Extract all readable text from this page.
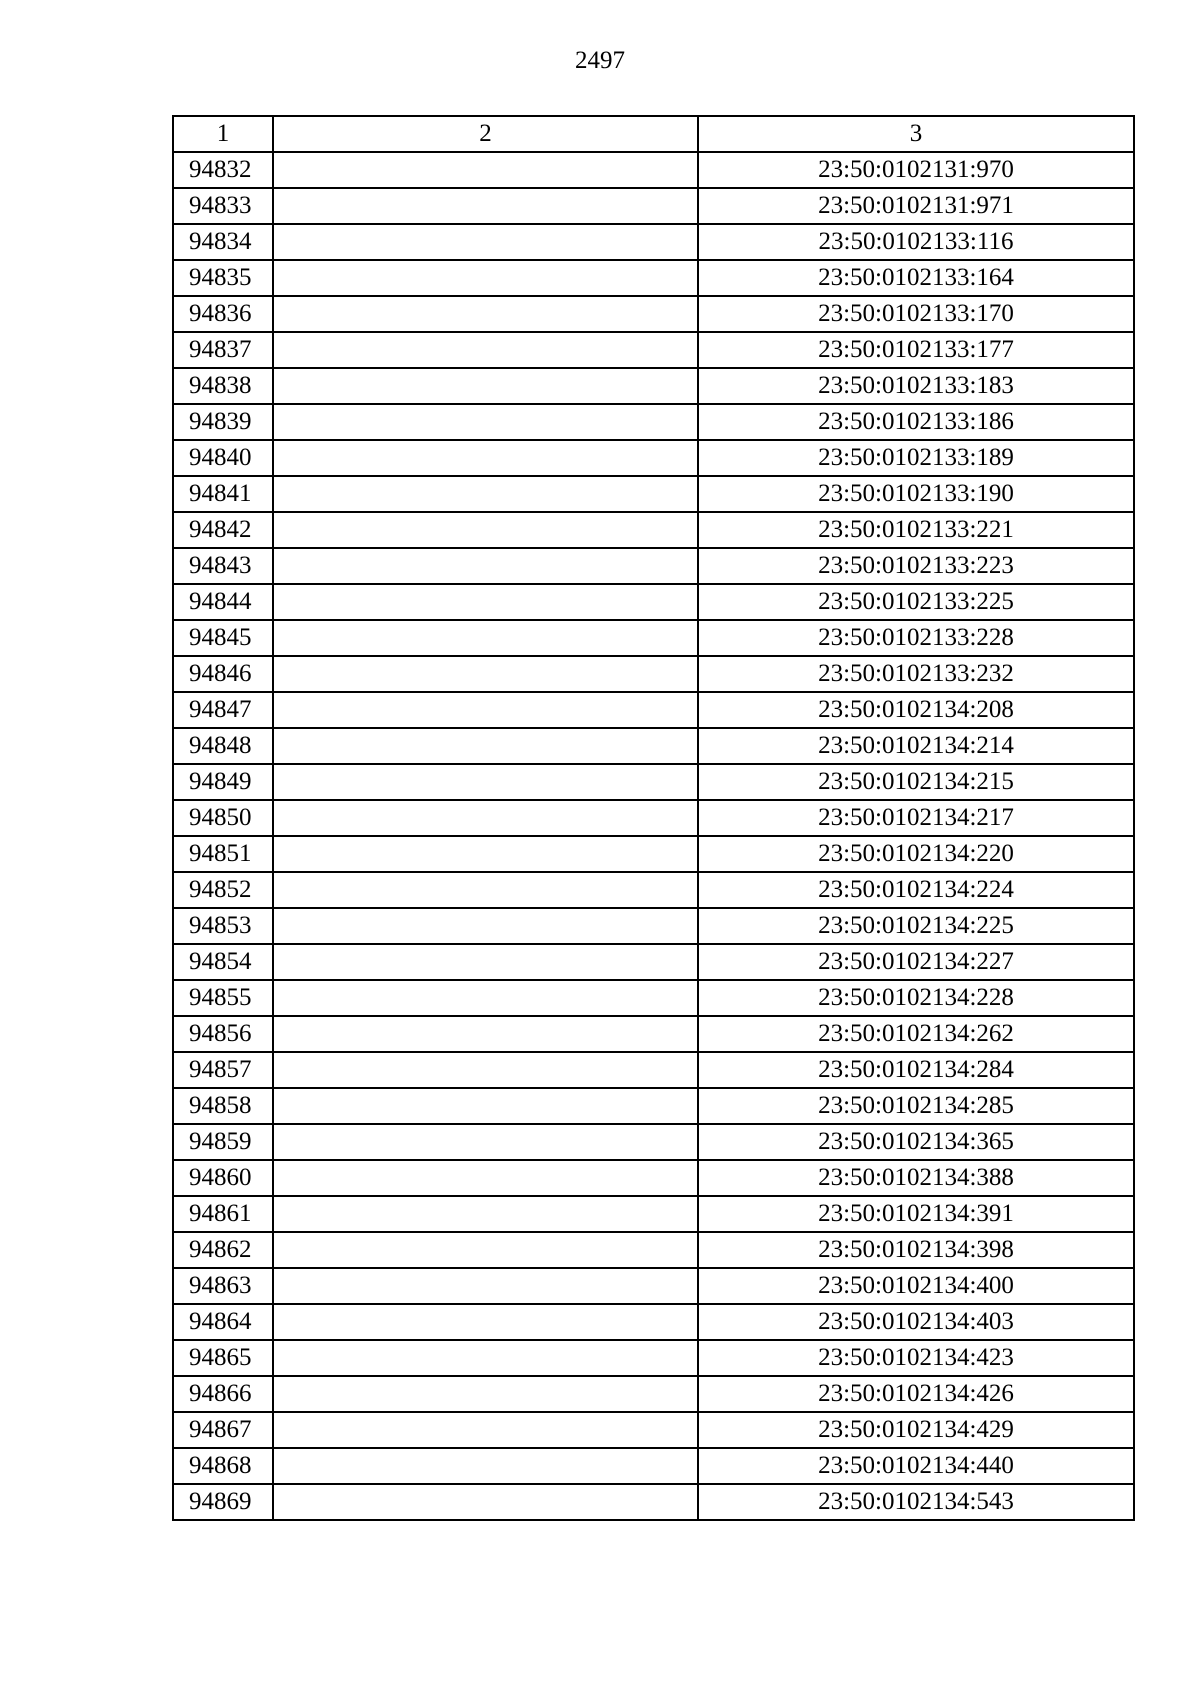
2497
1	2	3
94832		23:50:0102131:970
94833		23:50:0102131:971
94834		23:50:0102133:116
94835		23:50:0102133:164
94836		23:50:0102133:170
94837		23:50:0102133:177
94838		23:50:0102133:183
94839		23:50:0102133:186
94840		23:50:0102133:189
94841		23:50:0102133:190
94842		23:50:0102133:221
94843		23:50:0102133:223
94844		23:50:0102133:225
94845		23:50:0102133:228
94846		23:50:0102133:232
94847		23:50:0102134:208
94848		23:50:0102134:214
94849		23:50:0102134:215
94850		23:50:0102134:217
94851		23:50:0102134:220
94852		23:50:0102134:224
94853		23:50:0102134:225
94854		23:50:0102134:227
94855		23:50:0102134:228
94856		23:50:0102134:262
94857		23:50:0102134:284
94858		23:50:0102134:285
94859		23:50:0102134:365
94860		23:50:0102134:388
94861		23:50:0102134:391
94862		23:50:0102134:398
94863		23:50:0102134:400
94864		23:50:0102134:403
94865		23:50:0102134:423
94866		23:50:0102134:426
94867		23:50:0102134:429
94868		23:50:0102134:440
94869		23:50:0102134:543
